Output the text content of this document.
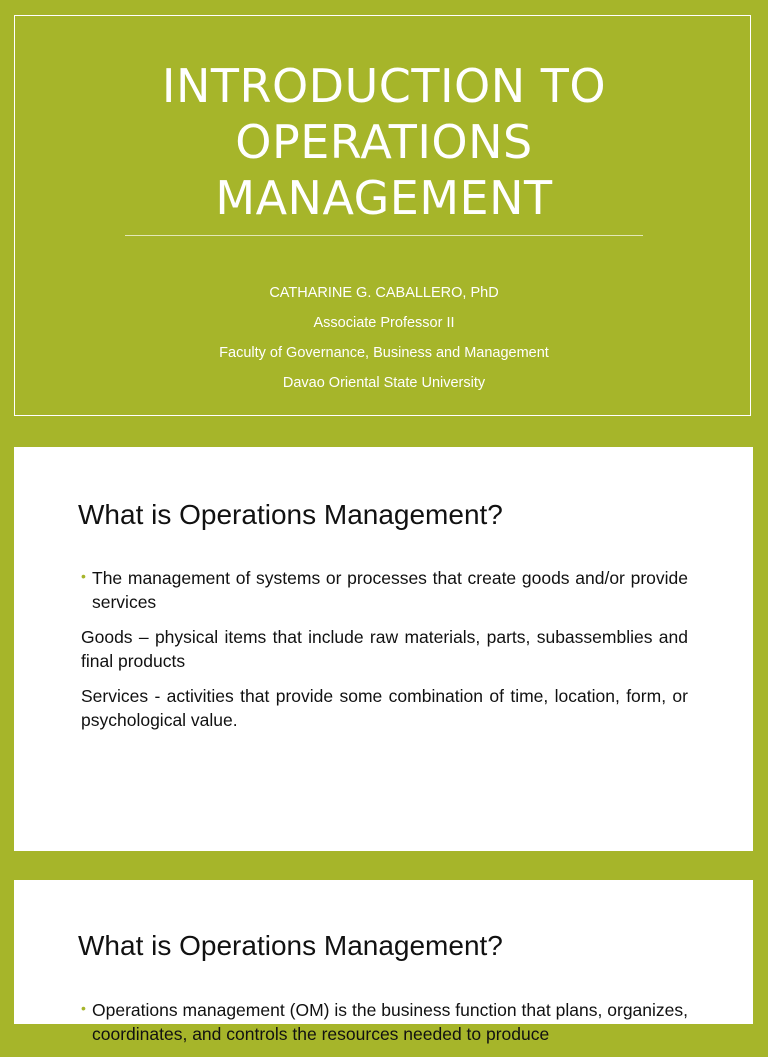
INTRODUCTION TO
OPERATIONS
MANAGEMENT
CATHARINE G. CABALLERO, PhD
Associate Professor II
Faculty of Governance, Business and Management
Davao Oriental State University
What is Operations Management?

• The management of systems or processes that create goods and/or provide services

Goods – physical items that include raw materials, parts, subassemblies and final products

Services - activities that provide some combination of time, location, form, or psychological value.

What is Operations Management?

• Operations management (OM) is the business function that plans, organizes, coordinates, and controls the resources needed to produce
